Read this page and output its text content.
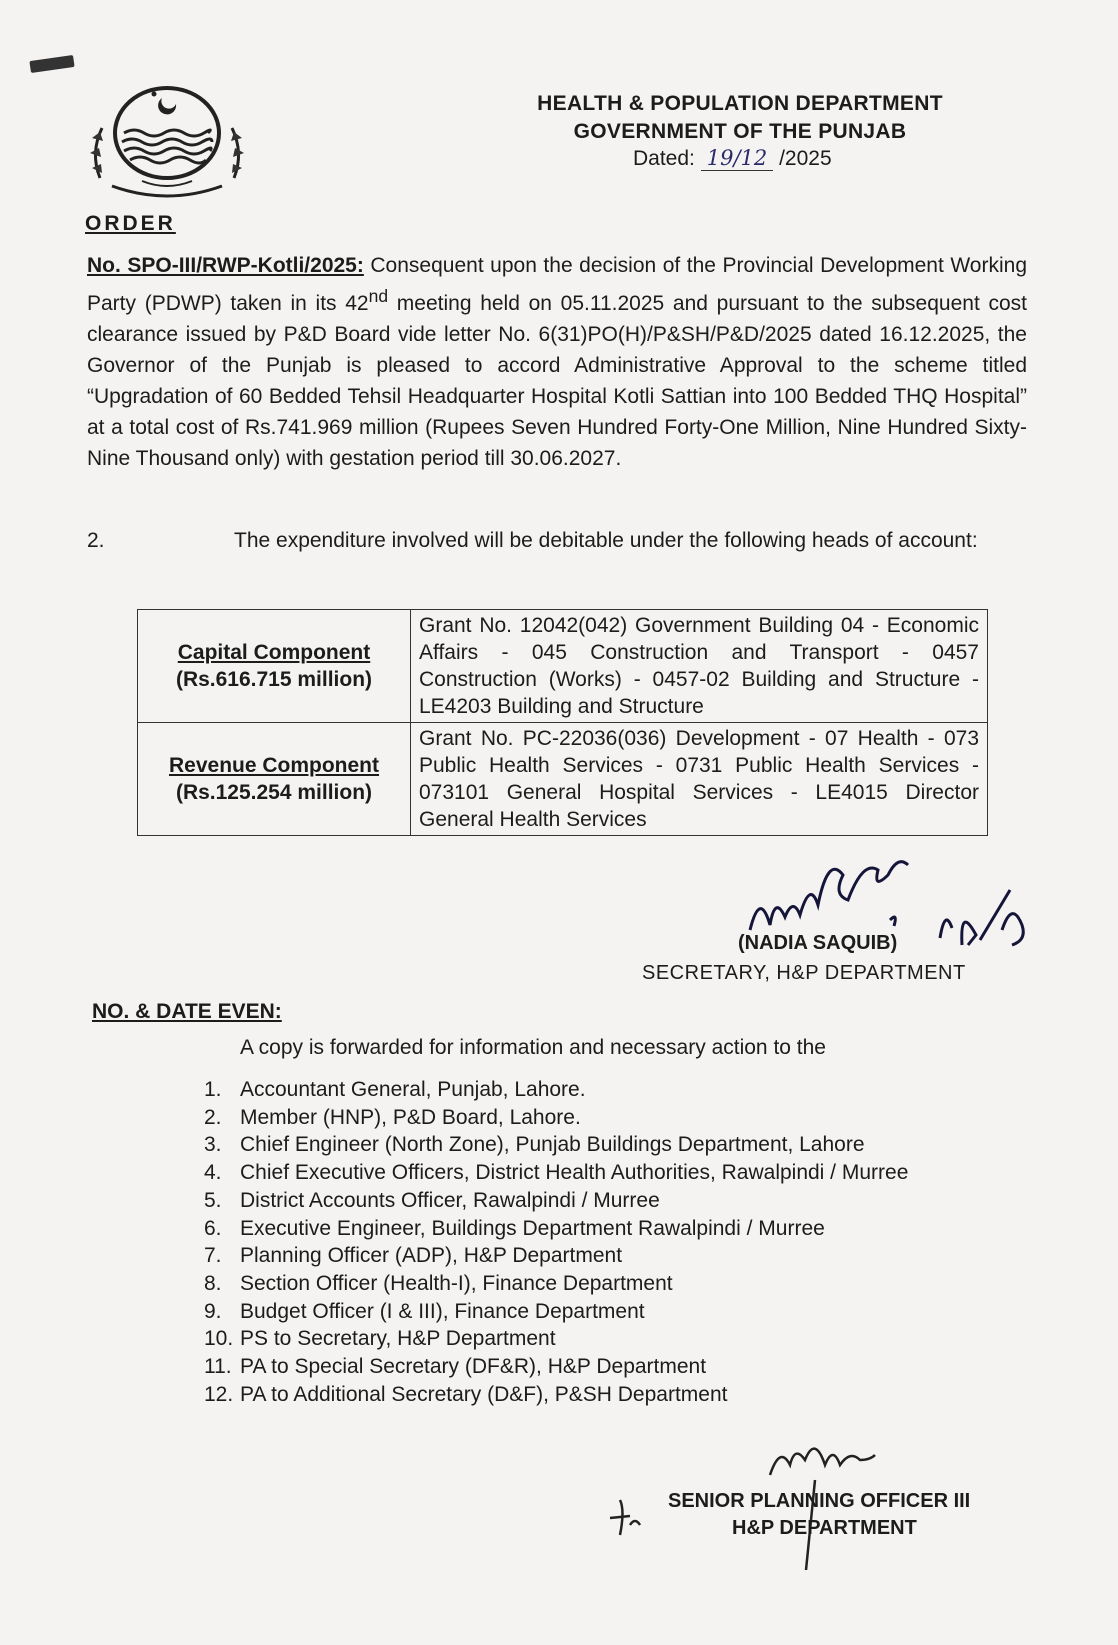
HEALTH & POPULATION DEPARTMENT
GOVERNMENT OF THE PUNJAB
Dated: 19/12 /2025
ORDER
No. SPO-III/RWP-Kotli/2025: Consequent upon the decision of the Provincial Development Working Party (PDWP) taken in its 42nd meeting held on 05.11.2025 and pursuant to the subsequent cost clearance issued by P&D Board vide letter No. 6(31)PO(H)/P&SH/P&D/2025 dated 16.12.2025, the Governor of the Punjab is pleased to accord Administrative Approval to the scheme titled “Upgradation of 60 Bedded Tehsil Headquarter Hospital Kotli Sattian into 100 Bedded THQ Hospital” at a total cost of Rs.741.969 million (Rupees Seven Hundred Forty-One Million, Nine Hundred Sixty-Nine Thousand only) with gestation period till 30.06.2027.
2.	The expenditure involved will be debitable under the following heads of account:
Capital Component
(Rs.616.715 million)	Grant No. 12042(042) Government Building 04 - Economic Affairs - 045 Construction and Transport - 0457 Construction (Works) - 0457-02 Building and Structure - LE4203 Building and Structure

Revenue Component
(Rs.125.254 million)	Grant No. PC-22036(036) Development - 07 Health - 073 Public Health Services - 0731 Public Health Services - 073101 General Hospital Services - LE4015 Director General Health Services
(NADIA SAQUIB)
SECRETARY, H&P DEPARTMENT
NO. & DATE EVEN:
A copy is forwarded for information and necessary action to the
1. Accountant General, Punjab, Lahore.
2. Member (HNP), P&D Board, Lahore.
3. Chief Engineer (North Zone), Punjab Buildings Department, Lahore
4. Chief Executive Officers, District Health Authorities, Rawalpindi / Murree
5. District Accounts Officer, Rawalpindi / Murree
6. Executive Engineer, Buildings Department Rawalpindi / Murree
7. Planning Officer (ADP), H&P Department
8. Section Officer (Health-I), Finance Department
9. Budget Officer (I & III), Finance Department
10. PS to Secretary, H&P Department
11. PA to Special Secretary (DF&R), H&P Department
12. PA to Additional Secretary (D&F), P&SH Department
SENIOR PLANNING OFFICER III
H&P DEPARTMENT
